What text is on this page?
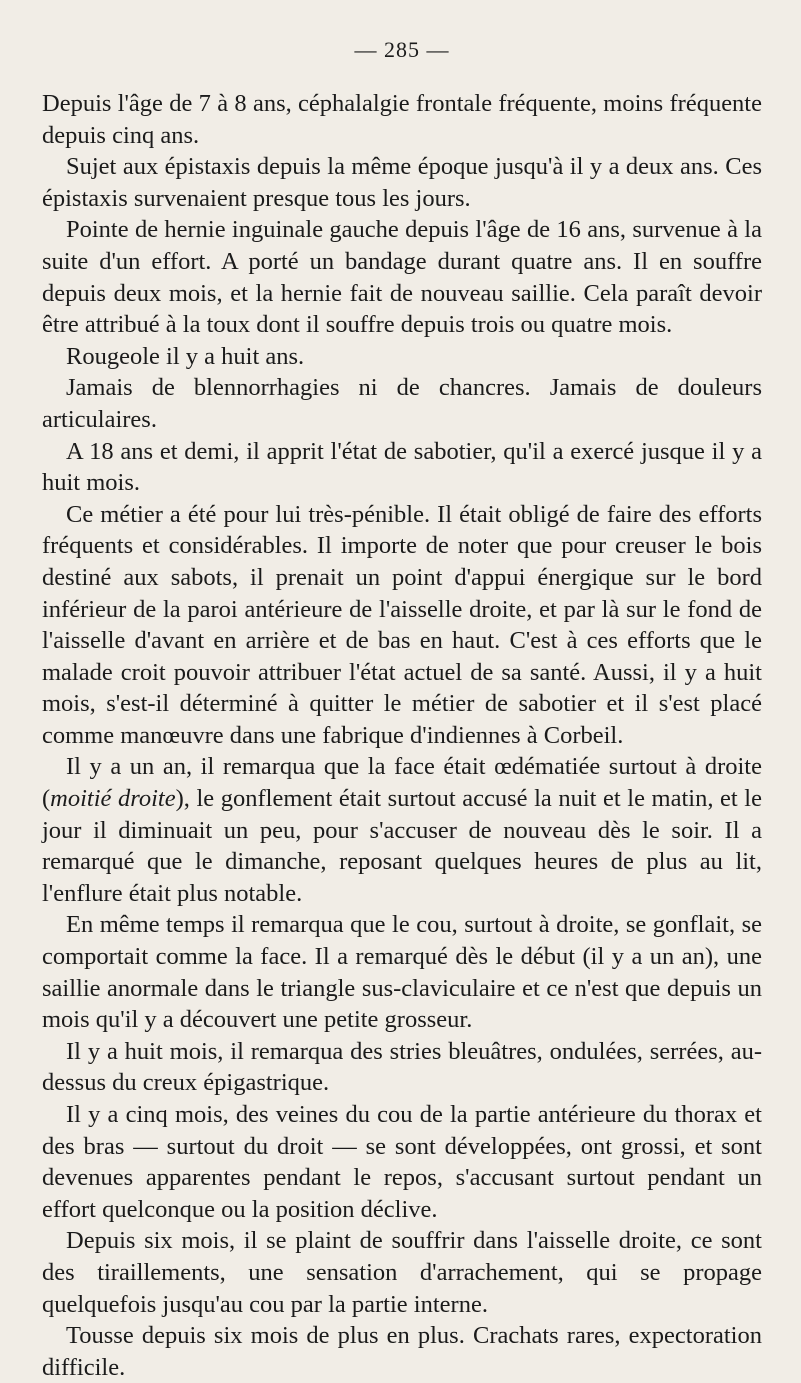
— 285 —

Depuis l'âge de 7 à 8 ans, céphalalgie frontale fréquente, moins fréquente depuis cinq ans.

Sujet aux épistaxis depuis la même époque jusqu'à il y a deux ans. Ces épistaxis survenaient presque tous les jours.

Pointe de hernie inguinale gauche depuis l'âge de 16 ans, survenue à la suite d'un effort. A porté un bandage durant quatre ans. Il en souffre depuis deux mois, et la hernie fait de nouveau saillie. Cela paraît devoir être attribué à la toux dont il souffre depuis trois ou quatre mois.

Rougeole il y a huit ans.

Jamais de blennorrhagies ni de chancres. Jamais de douleurs articulaires.

A 18 ans et demi, il apprit l'état de sabotier, qu'il a exercé jusque il y a huit mois.

Ce métier a été pour lui très-pénible. Il était obligé de faire des efforts fréquents et considérables. Il importe de noter que pour creuser le bois destiné aux sabots, il prenait un point d'appui énergique sur le bord inférieur de la paroi antérieure de l'aisselle droite, et par là sur le fond de l'aisselle d'avant en arrière et de bas en haut. C'est à ces efforts que le malade croit pouvoir attribuer l'état actuel de sa santé. Aussi, il y a huit mois, s'est-il déterminé à quitter le métier de sabotier et il s'est placé comme manœuvre dans une fabrique d'indiennes à Corbeil.

Il y a un an, il remarqua que la face était œdématiée surtout à droite (moitié droite), le gonflement était surtout accusé la nuit et le matin, et le jour il diminuait un peu, pour s'accuser de nouveau dès le soir. Il a remarqué que le dimanche, reposant quelques heures de plus au lit, l'enflure était plus notable.

En même temps il remarqua que le cou, surtout à droite, se gonflait, se comportait comme la face. Il a remarqué dès le début (il y a un an), une saillie anormale dans le triangle sus-claviculaire et ce n'est que depuis un mois qu'il y a découvert une petite grosseur.

Il y a huit mois, il remarqua des stries bleuâtres, ondulées, serrées, au-dessus du creux épigastrique.

Il y a cinq mois, des veines du cou de la partie antérieure du thorax et des bras — surtout du droit — se sont développées, ont grossi, et sont devenues apparentes pendant le repos, s'accusant surtout pendant un effort quelconque ou la position déclive.

Depuis six mois, il se plaint de souffrir dans l'aisselle droite, ce sont des tiraillements, une sensation d'arrachement, qui se propage quelquefois jusqu'au cou par la partie interne.

Tousse depuis six mois de plus en plus. Crachats rares, expectoration difficile.
